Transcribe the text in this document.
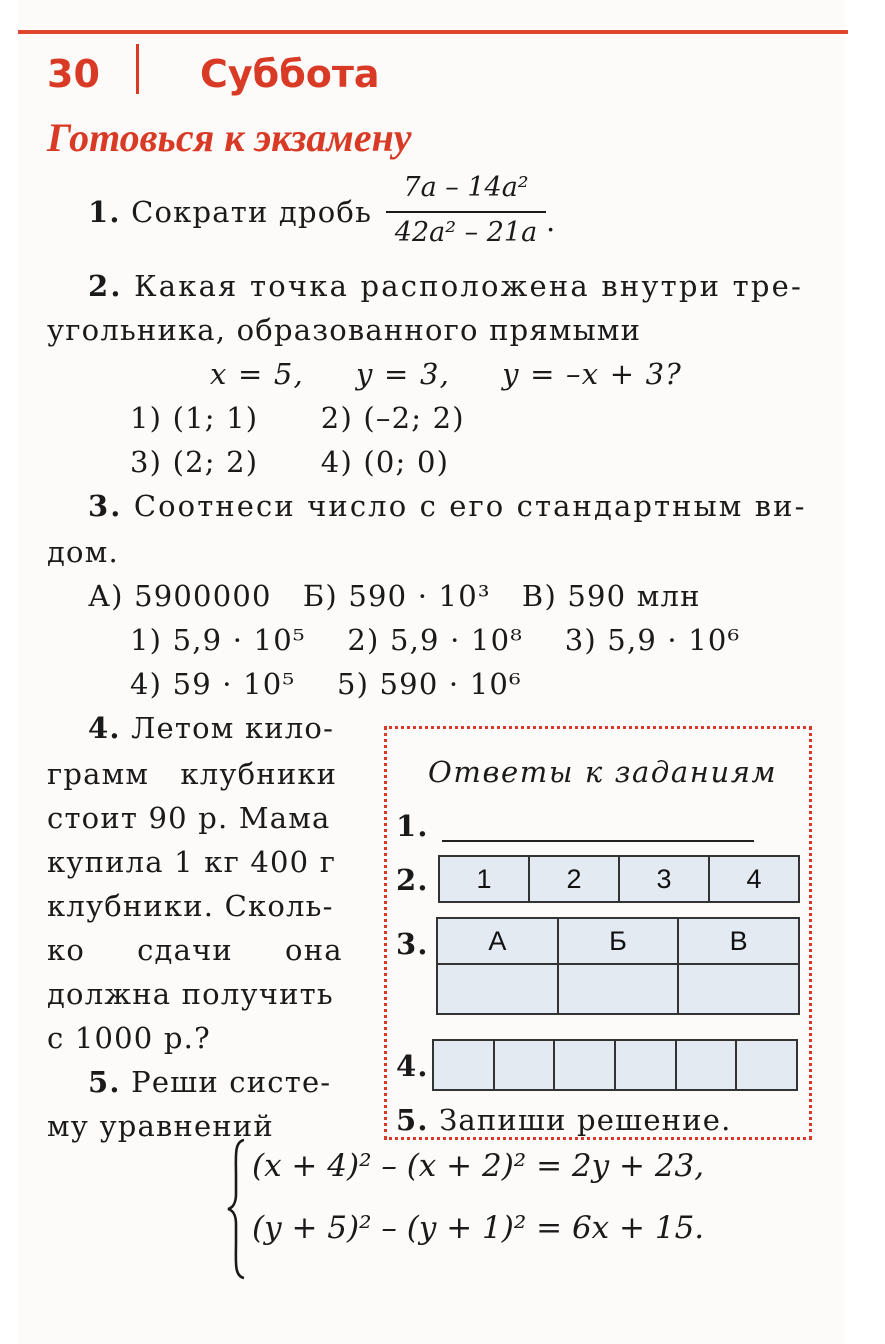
30	Суббота
Готовься к экзамену
1. Сократи дробь
7a – 14a²
42a² – 21a .
2. Какая точка расположена внутри тре-
угольника, образованного прямыми
x = 5,     y = 3,     y = –x + 3?
1) (1; 1)      2) (–2; 2)
3) (2; 2)      4) (0; 0)
3. Соотнеси число с его стандартным ви-
дом.
А) 5900000   Б) 590 · 10³   В) 590 млн
1) 5,9 · 10⁵    2) 5,9 · 10⁸    3) 5,9 · 10⁶
4) 59 · 10⁵    5) 590 · 10⁶
4. Летом кило-
грамм   клубники
стоит 90 р. Мама
купила 1 кг 400 г
клубники. Сколь-
ко     сдачи     она
должна получить
с 1000 р.?
5. Реши систе-
му уравнений
Ответы к заданиям
1.
2.	1	2	3	4
3.	А	Б	В
4.
5. Запиши решение.
(x + 4)² – (x + 2)² = 2y + 23,
(y + 5)² – (y + 1)² = 6x + 15.
